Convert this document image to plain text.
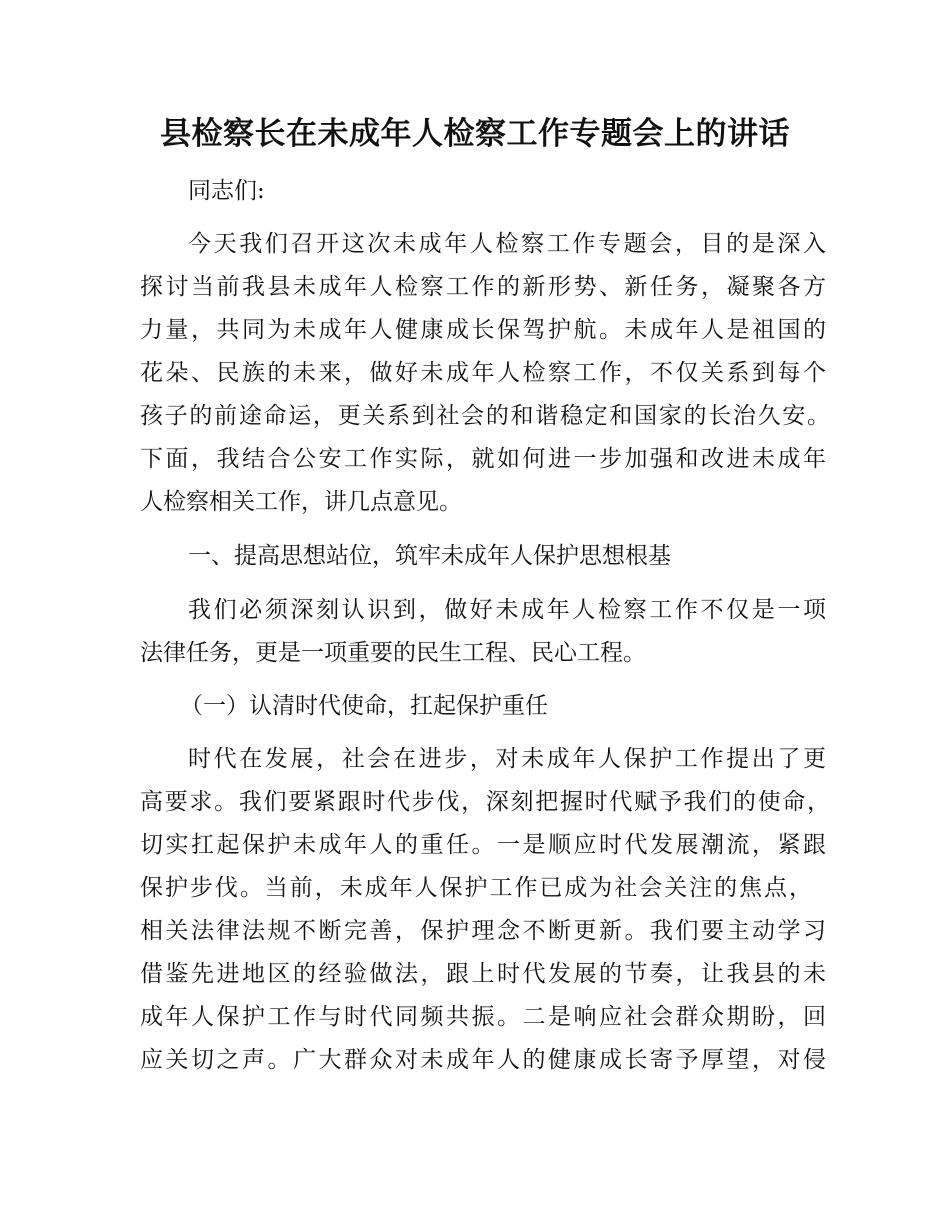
县检察长在未成年人检察工作专题会上的讲话
同志们:
今天我们召开这次未成年人检察工作专题会，目的是深入
探讨当前我县未成年人检察工作的新形势、新任务，凝聚各方
力量，共同为未成年人健康成长保驾护航。未成年人是祖国的
花朵、民族的未来，做好未成年人检察工作，不仅关系到每个
孩子的前途命运，更关系到社会的和谐稳定和国家的长治久安。
下面，我结合公安工作实际，就如何进一步加强和改进未成年
人检察相关工作，讲几点意见。
一、提高思想站位，筑牢未成年人保护思想根基
我们必须深刻认识到，做好未成年人检察工作不仅是一项
法律任务，更是一项重要的民生工程、民心工程。
（一）认清时代使命，扛起保护重任
时代在发展，社会在进步，对未成年人保护工作提出了更
高要求。我们要紧跟时代步伐，深刻把握时代赋予我们的使命，
切实扛起保护未成年人的重任。一是顺应时代发展潮流，紧跟
保护步伐。当前，未成年人保护工作已成为社会关注的焦点，
相关法律法规不断完善，保护理念不断更新。我们要主动学习
借鉴先进地区的经验做法，跟上时代发展的节奏，让我县的未
成年人保护工作与时代同频共振。二是响应社会群众期盼，回
应关切之声。广大群众对未成年人的健康成长寄予厚望，对侵
